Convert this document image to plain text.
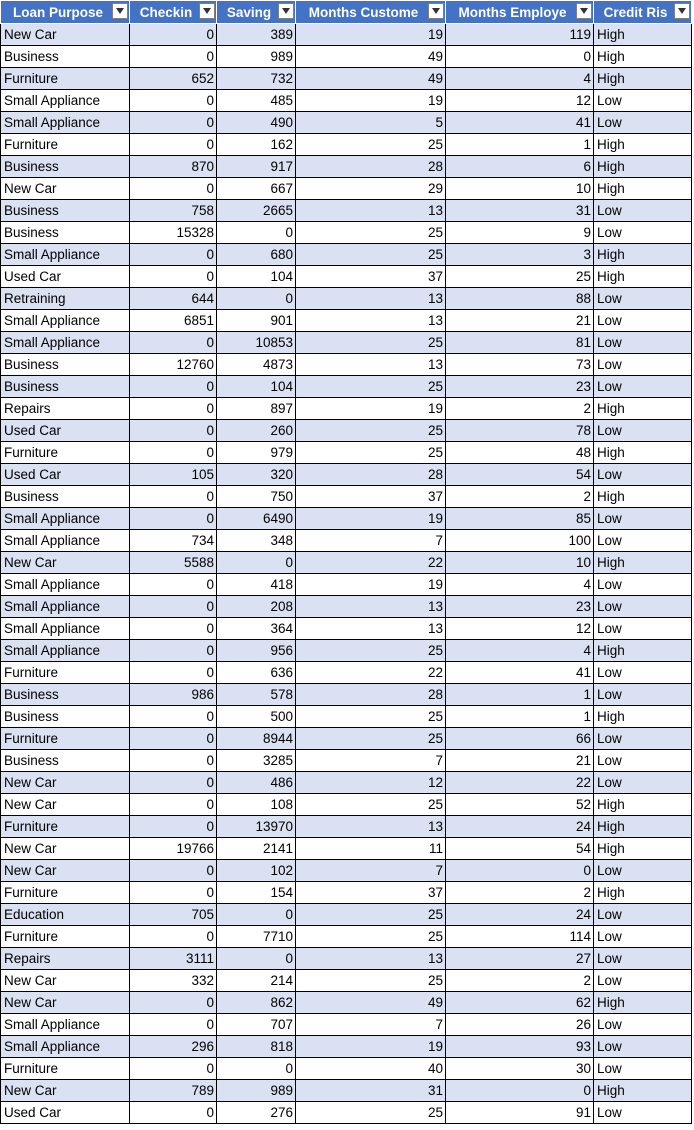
Loan Purpose	Checkin	Saving	Months Custome	Months Employe	Credit Ris

New Car	0	389	19	119	High
Business	0	989	49	0	High
Furniture	652	732	49	4	High
Small Appliance	0	485	19	12	Low
Small Appliance	0	490	5	41	Low
Furniture	0	162	25	1	High
Business	870	917	28	6	High
New Car	0	667	29	10	High
Business	758	2665	13	31	Low
Business	15328	0	25	9	Low
Small Appliance	0	680	25	3	High
Used Car	0	104	37	25	High
Retraining	644	0	13	88	Low
Small Appliance	6851	901	13	21	Low
Small Appliance	0	10853	25	81	Low
Business	12760	4873	13	73	Low
Business	0	104	25	23	Low
Repairs	0	897	19	2	High
Used Car	0	260	25	78	Low
Furniture	0	979	25	48	High
Used Car	105	320	28	54	Low
Business	0	750	37	2	High
Small Appliance	0	6490	19	85	Low
Small Appliance	734	348	7	100	Low
New Car	5588	0	22	10	High
Small Appliance	0	418	19	4	Low
Small Appliance	0	208	13	23	Low
Small Appliance	0	364	13	12	Low
Small Appliance	0	956	25	4	High
Furniture	0	636	22	41	Low
Business	986	578	28	1	Low
Business	0	500	25	1	High
Furniture	0	8944	25	66	Low
Business	0	3285	7	21	Low
New Car	0	486	12	22	Low
New Car	0	108	25	52	High
Furniture	0	13970	13	24	High
New Car	19766	2141	11	54	High
New Car	0	102	7	0	Low
Furniture	0	154	37	2	High
Education	705	0	25	24	Low
Furniture	0	7710	25	114	Low
Repairs	3111	0	13	27	Low
New Car	332	214	25	2	Low
New Car	0	862	49	62	High
Small Appliance	0	707	7	26	Low
Small Appliance	296	818	19	93	Low
Furniture	0	0	40	30	Low
New Car	789	989	31	0	High
Used Car	0	276	25	91	Low
